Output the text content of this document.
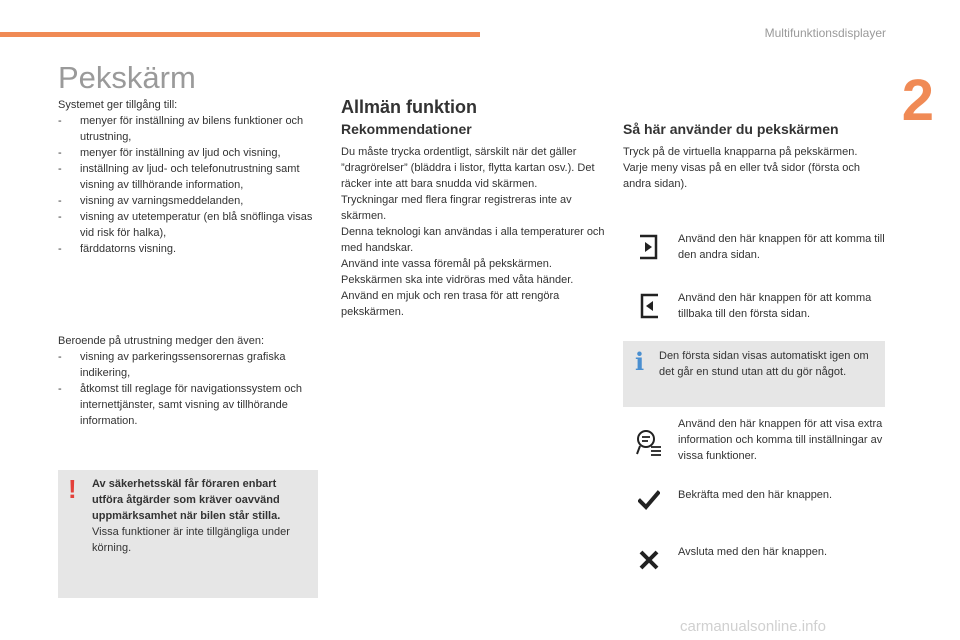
Multifunktionsdisplayer
2
Pekskärm
Systemet ger tillgång till:
- menyer för inställning av bilens funktioner och utrustning,
- menyer för inställning av ljud och visning,
- inställning av ljud- och telefonutrustning samt visning av tillhörande information,
- visning av varningsmeddelanden,
- visning av utetemperatur (en blå snöflinga visas vid risk för halka),
- färddatorns visning.
Beroende på utrustning medger den även:
- visning av parkeringssensorernas grafiska indikering,
- åtkomst till reglage för navigationssystem och internettjänster, samt visning av tillhörande information.
! Av säkerhetsskäl får föraren enbart utföra åtgärder som kräver oavvänd uppmärksamhet när bilen står stilla. Vissa funktioner är inte tillgängliga under körning.
Allmän funktion
Rekommendationer
Du måste trycka ordentligt, särskilt när det gäller ”dragrörelser” (bläddra i listor, flytta kartan osv.). Det räcker inte att bara snudda vid skärmen.
Tryckningar med flera fingrar registreras inte av skärmen.
Denna teknologi kan användas i alla temperaturer och med handskar.
Använd inte vassa föremål på pekskärmen.
Pekskärmen ska inte vidröras med våta händer.
Använd en mjuk och ren trasa för att rengöra pekskärmen.
Så här använder du pekskärmen
Tryck på de virtuella knapparna på pekskärmen.
Varje meny visas på en eller två sidor (första och andra sidan).
Använd den här knappen för att komma till den andra sidan.
Använd den här knappen för att komma tillbaka till den första sidan.
i Den första sidan visas automatiskt igen om det går en stund utan att du gör något.
Använd den här knappen för att visa extra information och komma till inställningar av vissa funktioner.
Bekräfta med den här knappen.
Avsluta med den här knappen.
carmanualsonline.info
